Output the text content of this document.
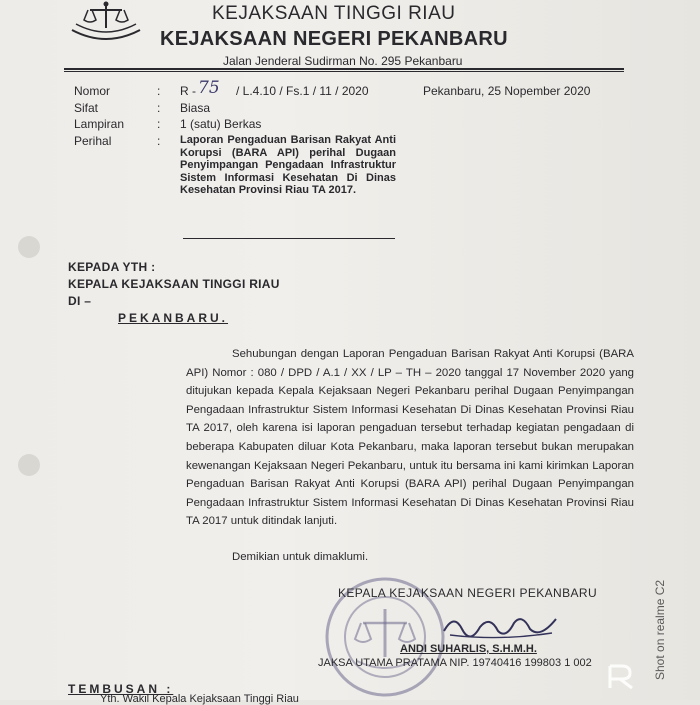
KEJAKSAAN TINGGI RIAU
KEJAKSAAN NEGERI PEKANBARU
Jalan Jenderal Sudirman No. 295 Pekanbaru
Nomor	: R - 75 / L.4.10 / Fs.1 / 11 / 2020	Pekanbaru, 25 Nopember 2020
Sifat	: Biasa
Lampiran	: 1 (satu) Berkas
Perihal	: Laporan Pengaduan Barisan Rakyat Anti Korupsi (BARA API) perihal Dugaan Penyimpangan Pengadaan Infrastruktur Sistem Informasi Kesehatan Di Dinas Kesehatan Provinsi Riau TA 2017.
KEPADA YTH :
KEPALA KEJAKSAAN TINGGI RIAU
DI –
PEKANBARU.
Sehubungan dengan Laporan Pengaduan Barisan Rakyat Anti Korupsi (BARA API) Nomor : 080 / DPD / A.1 / XX / LP – TH – 2020 tanggal 17 November 2020 yang ditujukan kepada Kepala Kejaksaan Negeri Pekanbaru perihal Dugaan Penyimpangan Pengadaan Infrastruktur Sistem Informasi Kesehatan Di Dinas Kesehatan Provinsi Riau TA 2017, oleh karena isi laporan pengaduan tersebut terhadap kegiatan pengadaan di beberapa Kabupaten diluar Kota Pekanbaru, maka laporan tersebut bukan merupakan kewenangan Kejaksaan Negeri Pekanbaru, untuk itu bersama ini kami kirimkan Laporan Pengaduan Barisan Rakyat Anti Korupsi (BARA API) perihal Dugaan Penyimpangan Pengadaan Infrastruktur Sistem Informasi Kesehatan Di Dinas Kesehatan Provinsi Riau TA 2017 untuk ditindak lanjuti.
Demikian untuk dimaklumi.
KEPALA KEJAKSAAN NEGERI PEKANBARU
ANDI SUHARLIS, S.H.M.H.
JAKSA UTAMA PRATAMA NIP. 19740416 199803 1 002
TEMBUSAN :
Yth. Wakil Kepala Kejaksaan Tinggi Riau
Shot on realme C2
